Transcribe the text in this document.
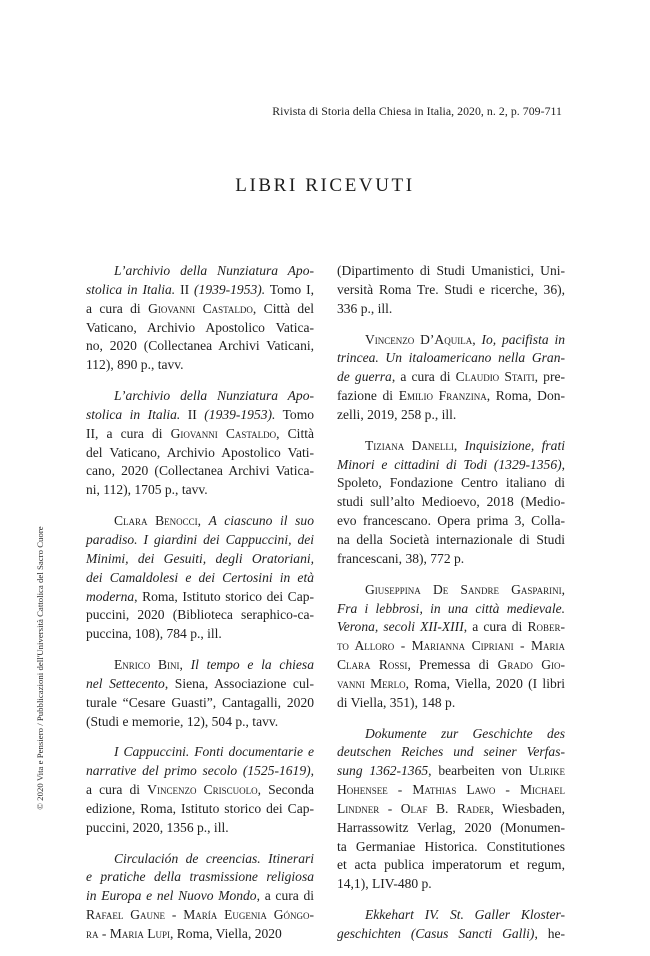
Rivista di Storia della Chiesa in Italia, 2020, n. 2, p. 709-711
LIBRI RICEVUTI
© 2020 Vita e Pensiero / Pubblicazioni dell'Università Cattolica del Sacro Cuore
L’archivio della Nunziatura Apo-
stolica in Italia. II (1939-1953). Tomo I,
a cura di Giovanni Castaldo, Città del
Vaticano, Archivio Apostolico Vatica-
no, 2020 (Collectanea Archivi Vaticani,
112), 890 p., tavv.
L’archivio della Nunziatura Apo-
stolica in Italia. II (1939-1953). Tomo
II, a cura di Giovanni Castaldo, Città
del Vaticano, Archivio Apostolico Vati-
cano, 2020 (Collectanea Archivi Vatica-
ni, 112), 1705 p., tavv.
Clara Benocci, A ciascuno il suo
paradiso. I giardini dei Cappuccini, dei
Minimi, dei Gesuiti, degli Oratoriani,
dei Camaldolesi e dei Certosini in età
moderna, Roma, Istituto storico dei Cap-
puccini, 2020 (Biblioteca seraphico-ca-
puccina, 108), 784 p., ill.
Enrico Bini, Il tempo e la chiesa
nel Settecento, Siena, Associazione cul-
turale “Cesare Guasti”, Cantagalli, 2020
(Studi e memorie, 12), 504 p., tavv.
I Cappuccini. Fonti documentarie e
narrative del primo secolo (1525-1619),
a cura di Vincenzo Criscuolo, Seconda
edizione, Roma, Istituto storico dei Cap-
puccini, 2020, 1356 p., ill.
Circulación de creencias. Itinerari
e pratiche della trasmissione religiosa
in Europa e nel Nuovo Mondo, a cura di
Rafael Gaune - María Eugenia Góngo-
ra - Maria Lupi, Roma, Viella, 2020
(Dipartimento di Studi Umanistici, Uni-
versità Roma Tre. Studi e ricerche, 36),
336 p., ill.
Vincenzo D’Aquila, Io, pacifista in
trincea. Un italoamericano nella Gran-
de guerra, a cura di Claudio Staiti, pre-
fazione di Emilio Franzina, Roma, Don-
zelli, 2019, 258 p., ill.
Tiziana Danelli, Inquisizione, frati
Minori e cittadini di Todi (1329-1356),
Spoleto, Fondazione Centro italiano di
studi sull’alto Medioevo, 2018 (Medio-
evo francescano. Opera prima 3, Colla-
na della Società internazionale di Studi
francescani, 38), 772 p.
Giuseppina De Sandre Gasparini,
Fra i lebbrosi, in una città medievale.
Verona, secoli XII-XIII, a cura di Rober-
to Alloro - Marianna Cipriani - Maria
Clara Rossi, Premessa di Grado Gio-
vanni Merlo, Roma, Viella, 2020 (I libri
di Viella, 351), 148 p.
Dokumente zur Geschichte des
deutschen Reiches und seiner Verfas-
sung 1362-1365, bearbeiten von Ulrike
Hohensee - Mathias Lawo - Michael
Lindner - Olaf B. Rader, Wiesbaden,
Harrassowitz Verlag, 2020 (Monumen-
ta Germaniae Historica. Constitutiones
et acta publica imperatorum et regum,
14,1), LIV-480 p.
Ekkehart IV. St. Galler Kloster-
geschichten (Casus Sancti Galli), he-
